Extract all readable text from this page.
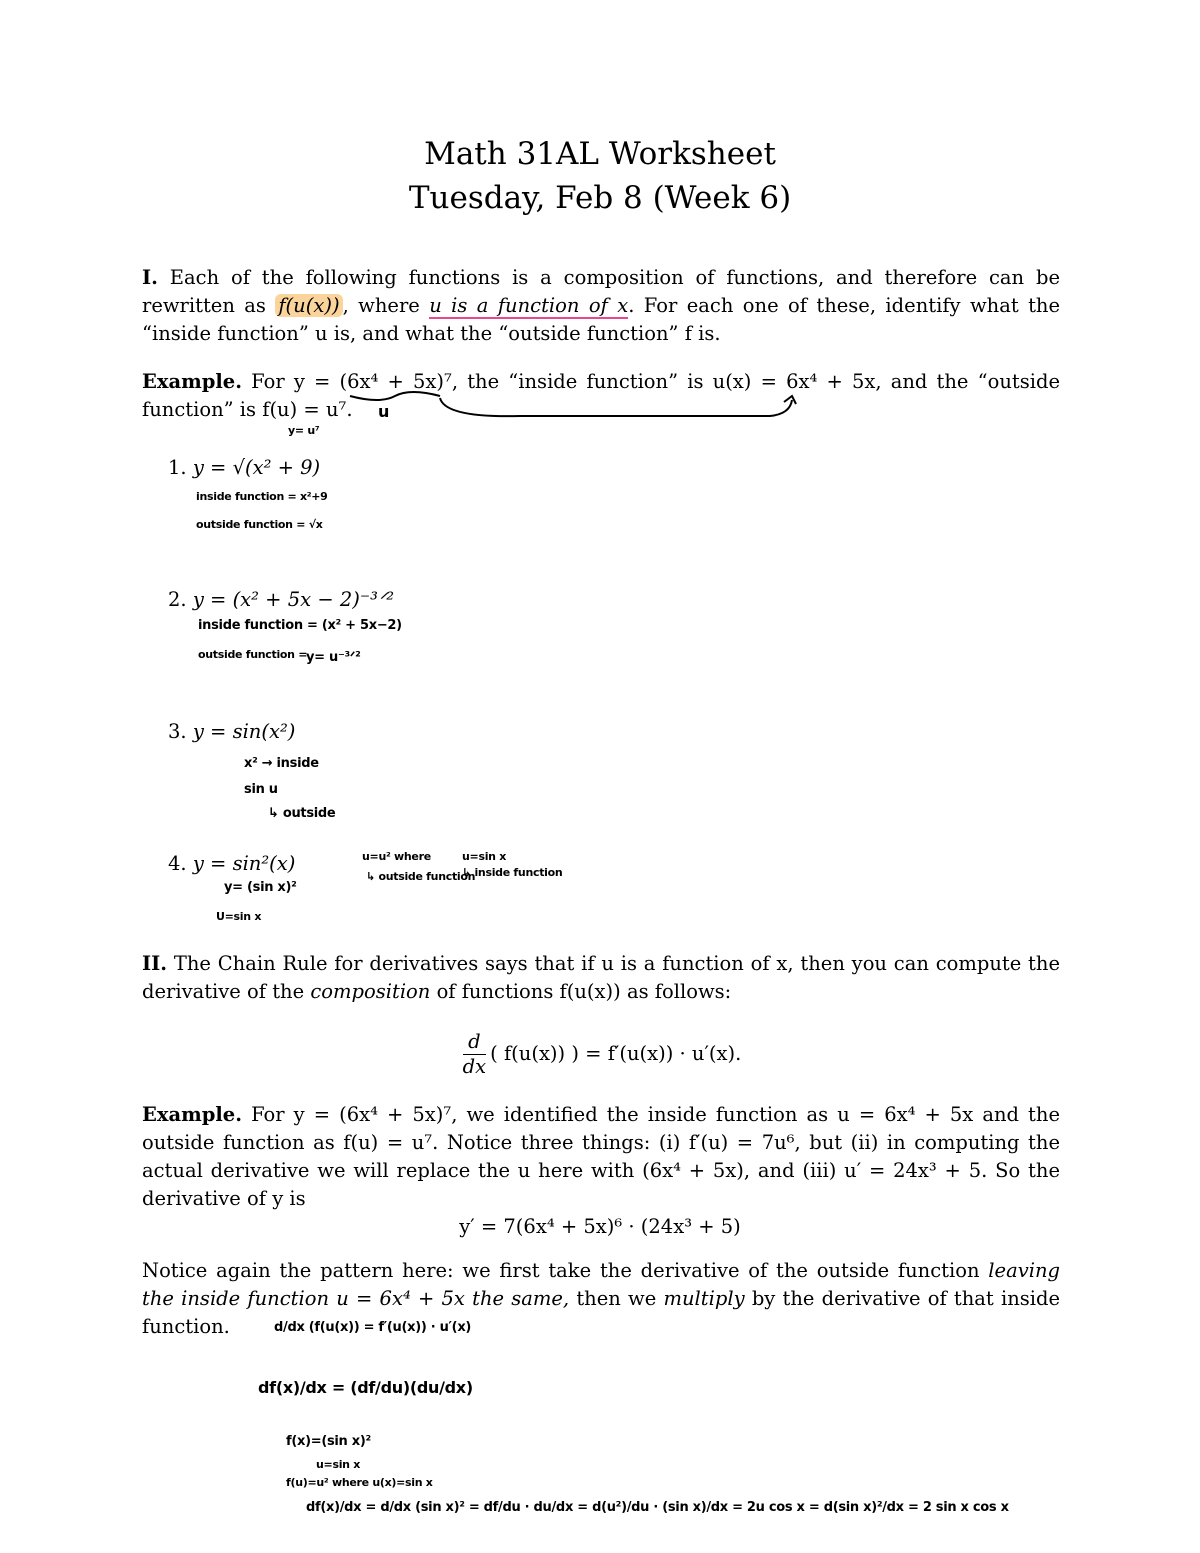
Math 31AL Worksheet
Tuesday, Feb 8 (Week 6)
I. Each of the following functions is a composition of functions, and therefore can be rewritten as f(u(x)) , where u is a function of x. For each one of these, identify what the “inside function” u is, and what the “outside function” f is.
Example. For y = (6x⁴ + 5x)⁷, the “inside function” is u(x) = 6x⁴ + 5x, and the “outside function” is f(u) = u⁷.	u
y= u⁷
1. y = √(x² + 9)
inside function = x²+9
outside function = √x
2. y = (x² + 5x − 2)⁻³ᐟ²
inside function = (x² + 5x−2)
outside function =
y= u⁻³ᐟ²
3. y = sin(x²)
x² → inside
sin u
↳ outside
4. y = sin²(x)
y= (sin x)²
U=sin x
u=u² where
↳ outside function
u=sin x
↳ inside function
II. The Chain Rule for derivatives says that if u is a function of x, then you can compute the derivative of the composition of functions f(u(x)) as follows:
$\frac{d}{dx}$ ( f(u(x)) ) = f′(u(x)) · u′(x).
Example. For y = (6x⁴ + 5x)⁷, we identified the inside function as u = 6x⁴ + 5x and the outside function as f(u) = u⁷. Notice three things: (i) f′(u) = 7u⁶, but (ii) in computing the actual derivative we will replace the u here with (6x⁴ + 5x), and (iii) u′ = 24x³ + 5. So the derivative of y is
y′ = 7(6x⁴ + 5x)⁶ · (24x³ + 5)
Notice again the pattern here: we first take the derivative of the outside function leaving the inside function u = 6x⁴ + 5x the same, then we multiply by the derivative of that inside function.	d/dx (f(u(x)) = f′(u(x)) · u′(x)
df(x)/dx = (df/du)(du/dx)
f(x)=(sin x)²
u=sin x
f(u)=u² where u(x)=sin x
df(x)/dx = d/dx (sin x)² = df/du · du/dx = d(u²)/du · (sin x)/dx = 2u cos x = d(sin x)²/dx = 2 sin x cos x
